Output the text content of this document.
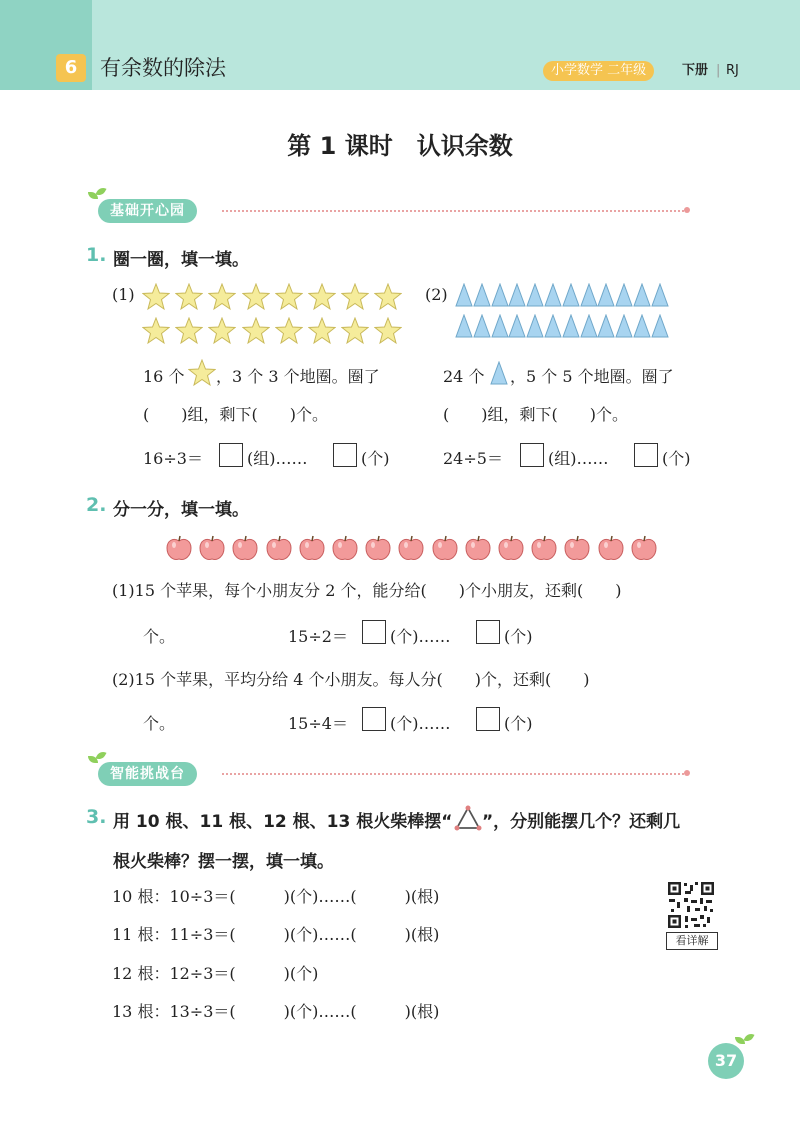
6	有余数的除法	小学数学 二年级	下册 | RJ
第 1 课时　认识余数
基础开心园
1. 圈一圈，填一填。
(1)	(2)
16 个 ，3 个 3 个地圈。圈了
(　　)组，剩下(　　)个。
16÷3＝	(组)……	(个)
24 个 ，5 个 5 个地圈。圈了
(　　)组，剩下(　　)个。
24÷5＝	(组)……	(个)
2. 分一分，填一填。
(1)15 个苹果，每个小朋友分 2 个，能分给(　　)个小朋友，还剩(　　)
个。	15÷2＝	(个)……	(个)
(2)15 个苹果，平均分给 4 个小朋友。每人分(　　)个，还剩(　　)
个。	15÷4＝	(个)……	(个)
智能挑战台
3. 用 10 根、11 根、12 根、13 根火柴棒摆“ ”，分别能摆几个？还剩几
根火柴棒？摆一摆，填一填。
10 根：10÷3＝(　　　)(个)……(　　　)(根)
11 根：11÷3＝(　　　)(个)……(　　　)(根)
12 根：12÷3＝(　　　)(个)
13 根：13÷3＝(　　　)(个)……(　　　)(根)
看详解
37
